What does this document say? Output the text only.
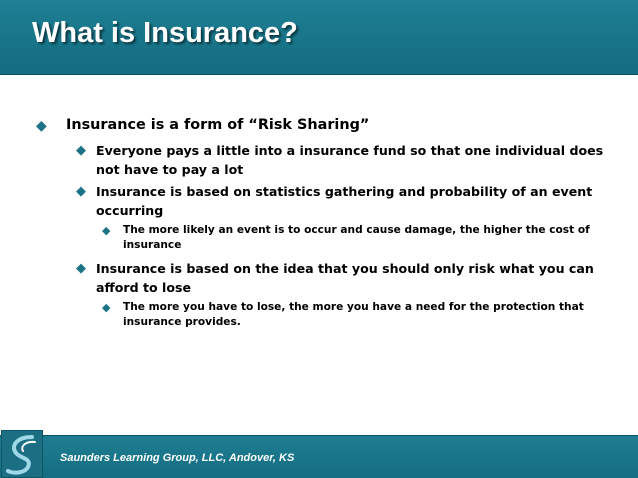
What is Insurance?
◆ Insurance is a form of “Risk Sharing”
◆ Everyone pays a little into a insurance fund so that one individual does not have to pay a lot
◆ Insurance is based on statistics gathering and probability of an event occurring
◆ The more likely an event is to occur and cause damage, the higher the cost of insurance
◆ Insurance is based on the idea that you should only risk what you can afford to lose
◆ The more you have to lose, the more you have a need for the protection that insurance provides.
Saunders Learning Group, LLC, Andover, KS
